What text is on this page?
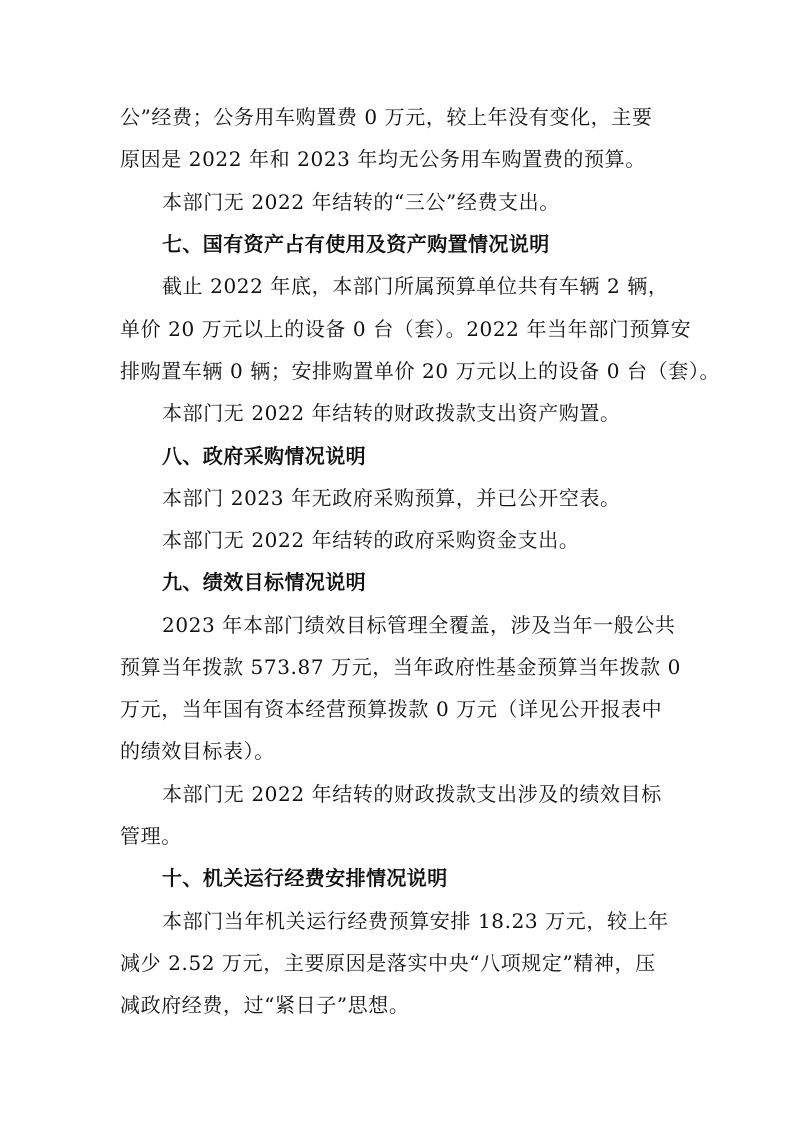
公”经费；公务用车购置费 0 万元，较上年没有变化，主要
原因是 2022 年和 2023 年均无公务用车购置费的预算。
本部门无 2022 年结转的“三公”经费支出。
七、国有资产占有使用及资产购置情况说明
截止 2022 年底，本部门所属预算单位共有车辆 2 辆，
单价 20 万元以上的设备 0 台（套）。2022 年当年部门预算安
排购置车辆 0 辆；安排购置单价 20 万元以上的设备 0 台（套）。
本部门无 2022 年结转的财政拨款支出资产购置。
八、政府采购情况说明
本部门 2023 年无政府采购预算，并已公开空表。
本部门无 2022 年结转的政府采购资金支出。
九、绩效目标情况说明
2023 年本部门绩效目标管理全覆盖，涉及当年一般公共
预算当年拨款 573.87 万元，当年政府性基金预算当年拨款 0
万元，当年国有资本经营预算拨款 0 万元（详见公开报表中
的绩效目标表）。
本部门无 2022 年结转的财政拨款支出涉及的绩效目标
管理。
十、机关运行经费安排情况说明
本部门当年机关运行经费预算安排 18.23 万元，较上年
减少 2.52 万元，主要原因是落实中央“八项规定”精神，压
减政府经费，过“紧日子”思想。
